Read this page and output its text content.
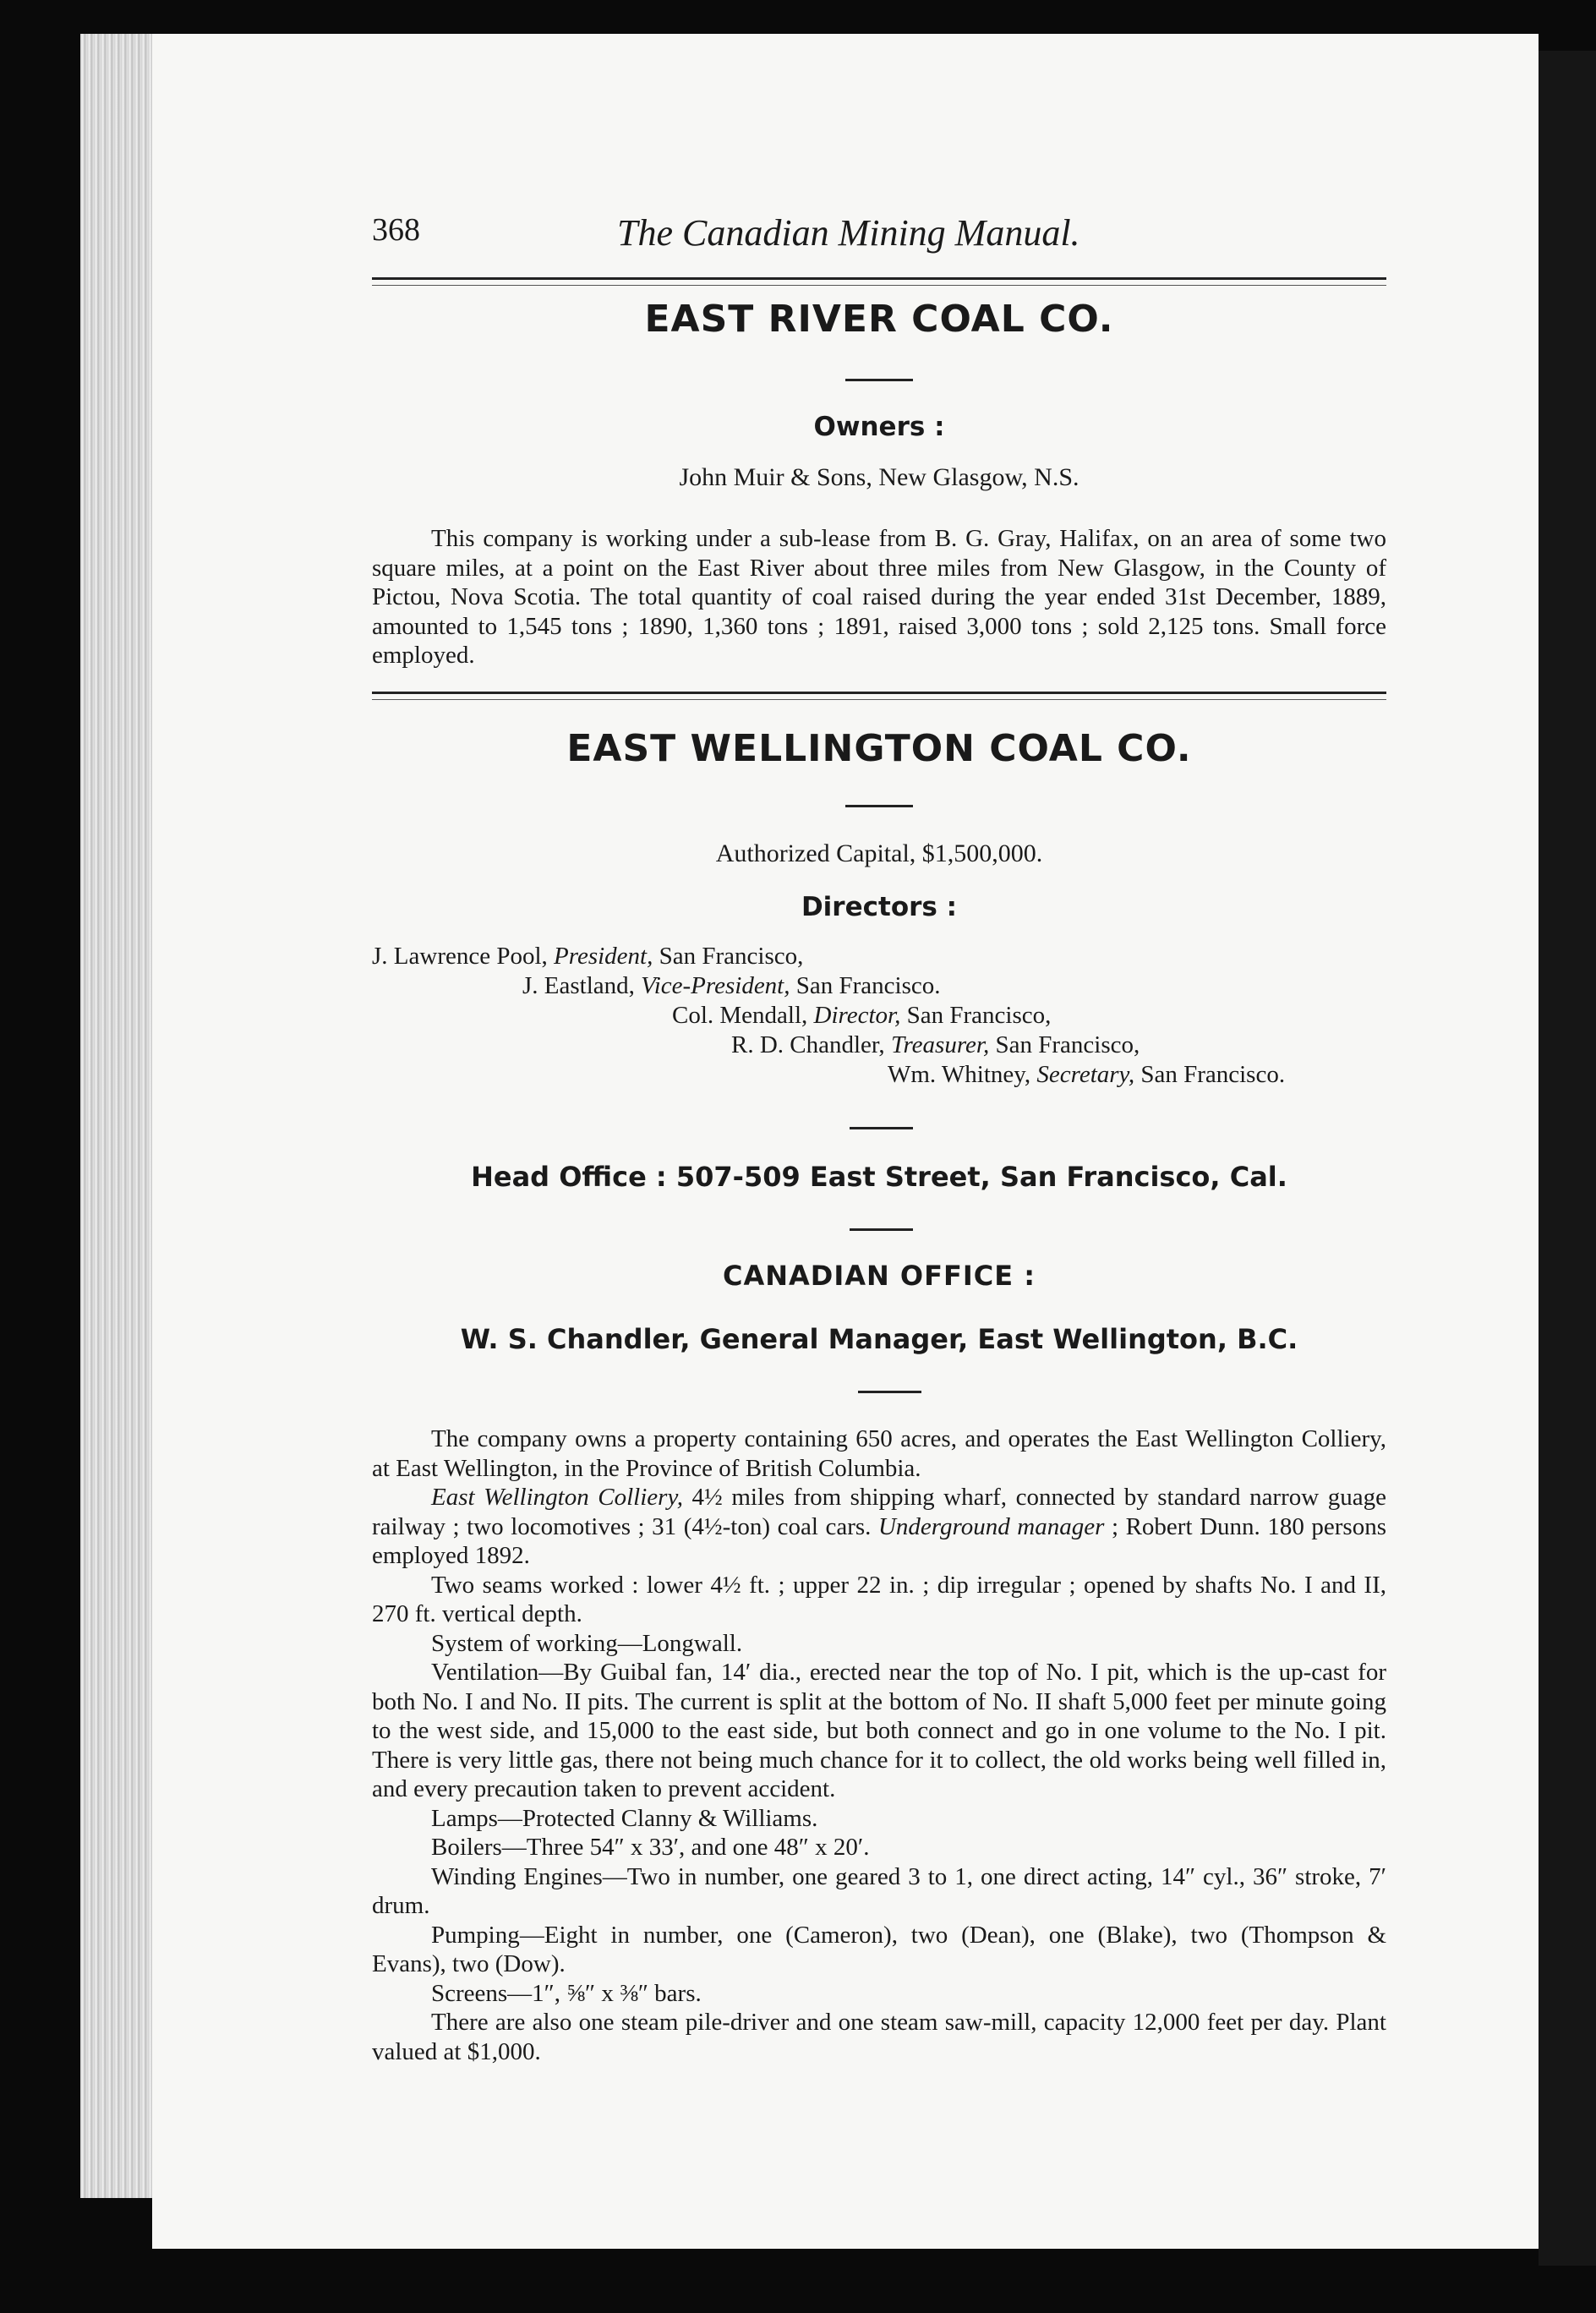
368	The Canadian Mining Manual.
EAST RIVER COAL CO.
Owners :
John Muir & Sons, New Glasgow, N.S.

This company is working under a sub-lease from B. G. Gray, Halifax, on an area of some two square miles, at a point on the East River about three miles from New Glasgow, in the County of Pictou, Nova Scotia. The total quantity of coal raised during the year ended 31st December, 1889, amounted to 1,545 tons ; 1890, 1,360 tons ; 1891, raised 3,000 tons ; sold 2,125 tons. Small force employed.

EAST WELLINGTON COAL CO.
Authorized Capital, $1,500,000.
Directors :
J. Lawrence Pool, President, San Francisco,
J. Eastland, Vice-President, San Francisco.
Col. Mendall, Director, San Francisco,
R. D. Chandler, Treasurer, San Francisco,
Wm. Whitney, Secretary, San Francisco.
Head Office : 507-509 East Street, San Francisco, Cal.
CANADIAN OFFICE :
W. S. Chandler, General Manager, East Wellington, B.C.

The company owns a property containing 650 acres, and operates the East Wellington Colliery, at East Wellington, in the Province of British Columbia.

East Wellington Colliery, 4½ miles from shipping wharf, connected by standard narrow guage railway ; two locomotives ; 31 (4½-ton) coal cars. Underground manager ; Robert Dunn. 180 persons employed 1892.

Two seams worked : lower 4½ ft. ; upper 22 in. ; dip irregular ; opened by shafts No. I and II, 270 ft. vertical depth.

System of working—Longwall.

Ventilation—By Guibal fan, 14′ dia., erected near the top of No. I pit, which is the up-cast for both No. I and No. II pits. The current is split at the bottom of No. II shaft 5,000 feet per minute going to the west side, and 15,000 to the east side, but both connect and go in one volume to the No. I pit. There is very little gas, there not being much chance for it to collect, the old works being well filled in, and every precaution taken to prevent accident.

Lamps—Protected Clanny & Williams.

Boilers—Three 54″ x 33′, and one 48″ x 20′.

Winding Engines—Two in number, one geared 3 to 1, one direct acting, 14″ cyl., 36″ stroke, 7′ drum.

Pumping—Eight in number, one (Cameron), two (Dean), one (Blake), two (Thompson & Evans), two (Dow).

Screens—1″, ⅝″ x ⅜″ bars.

There are also one steam pile-driver and one steam saw-mill, capacity 12,000 feet per day. Plant valued at $1,000.
